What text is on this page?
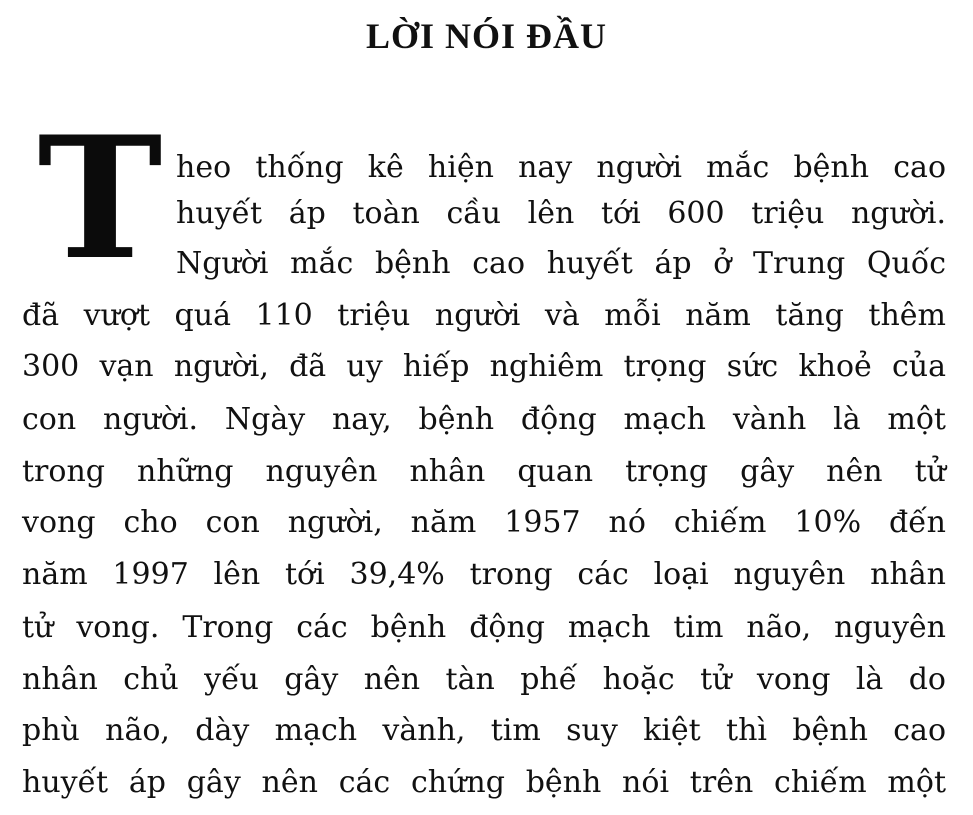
LỜI NÓI ĐẦU
T heo thống kê hiện nay người mắc bệnh cao
huyết áp toàn cầu lên tới 600 triệu người.
Người mắc bệnh cao huyết áp ở Trung Quốc
đã vượt quá 110 triệu người và mỗi năm tăng thêm
300 vạn người, đã uy hiếp nghiêm trọng sức khoẻ của
con người. Ngày nay, bệnh động mạch vành là một
trong những nguyên nhân quan trọng gây nên tử
vong cho con người, năm 1957 nó chiếm 10% đến
năm 1997 lên tới 39,4% trong các loại nguyên nhân
tử vong. Trong các bệnh động mạch tim não, nguyên
nhân chủ yếu gây nên tàn phế hoặc tử vong là do
phù não, dày mạch vành, tim suy kiệt thì bệnh cao
huyết áp gây nên các chứng bệnh nói trên chiếm một
